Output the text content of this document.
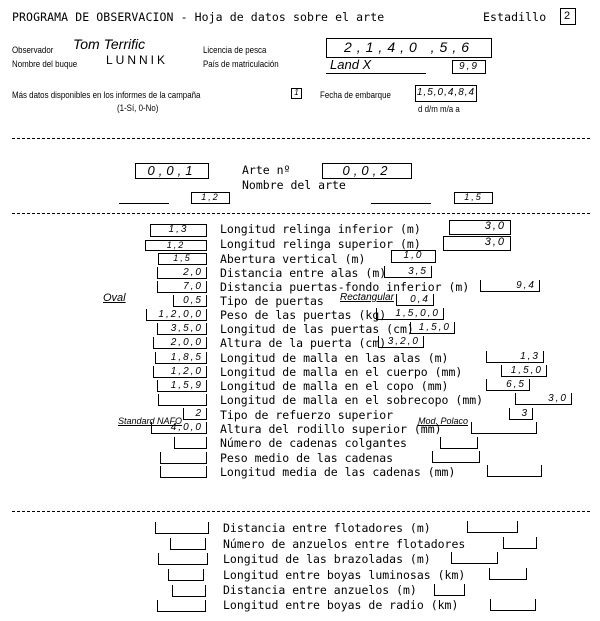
PROGRAMA DE OBSERVACION - Hoja de datos sobre el arte	Estadillo	2
Observador Tom Terrific
Nombre del buque LUNNIK
Licencia de pesca	2,1,4,0 ,5,6
País de matriculación	Land X	9,9
Más datos disponibles en los informes de la campaña	1
(1-Sí, 0-No)
Fecha de embarque	1,5,0,4,8,4
d d/m m/a a
0,0,1	Arte nº	0,0,2
Nombre del arte
1,2	1,5
Oval	Rectangular
Standard NAFO	Mod. Polaco
1,3	Longitud relinga inferior (m)	3,0
1,2	Longitud relinga superior (m)	3,0
1,5	Abertura vertical (m)	1,0
2,0	Distancia entre alas (m)	3,5
7,0	Distancia puertas-fondo inferior (m)	9,4
0,5	Tipo de puertas	0,4
1,2,0,0	Peso de las puertas (kg) 1,5,0,0
3,5,0	Longitud de las puertas (cm) 1,5,0
2,0,0	Altura de la puerta (cm) 3,2,0
1,8,5	Longitud de malla en las alas (m)	1,3
1,2,0	Longitud de malla en el cuerpo (mm)	1,5,0
1,5,9	Longitud de malla en el copo (mm)	6,5
Longitud de malla en el sobrecopo (mm)	3,0
2	Tipo de refuerzo superior	3
4,0,0	Altura del rodillo superior (mm)
Número de cadenas colgantes
Peso medio de las cadenas
Longitud media de las cadenas (mm)
Distancia entre flotadores (m)
Número de anzuelos entre flotadores
Longitud de las brazoladas (m)
Longitud entre boyas luminosas (km)
Distancia entre anzuelos (m)
Longitud entre boyas de radio (km)
